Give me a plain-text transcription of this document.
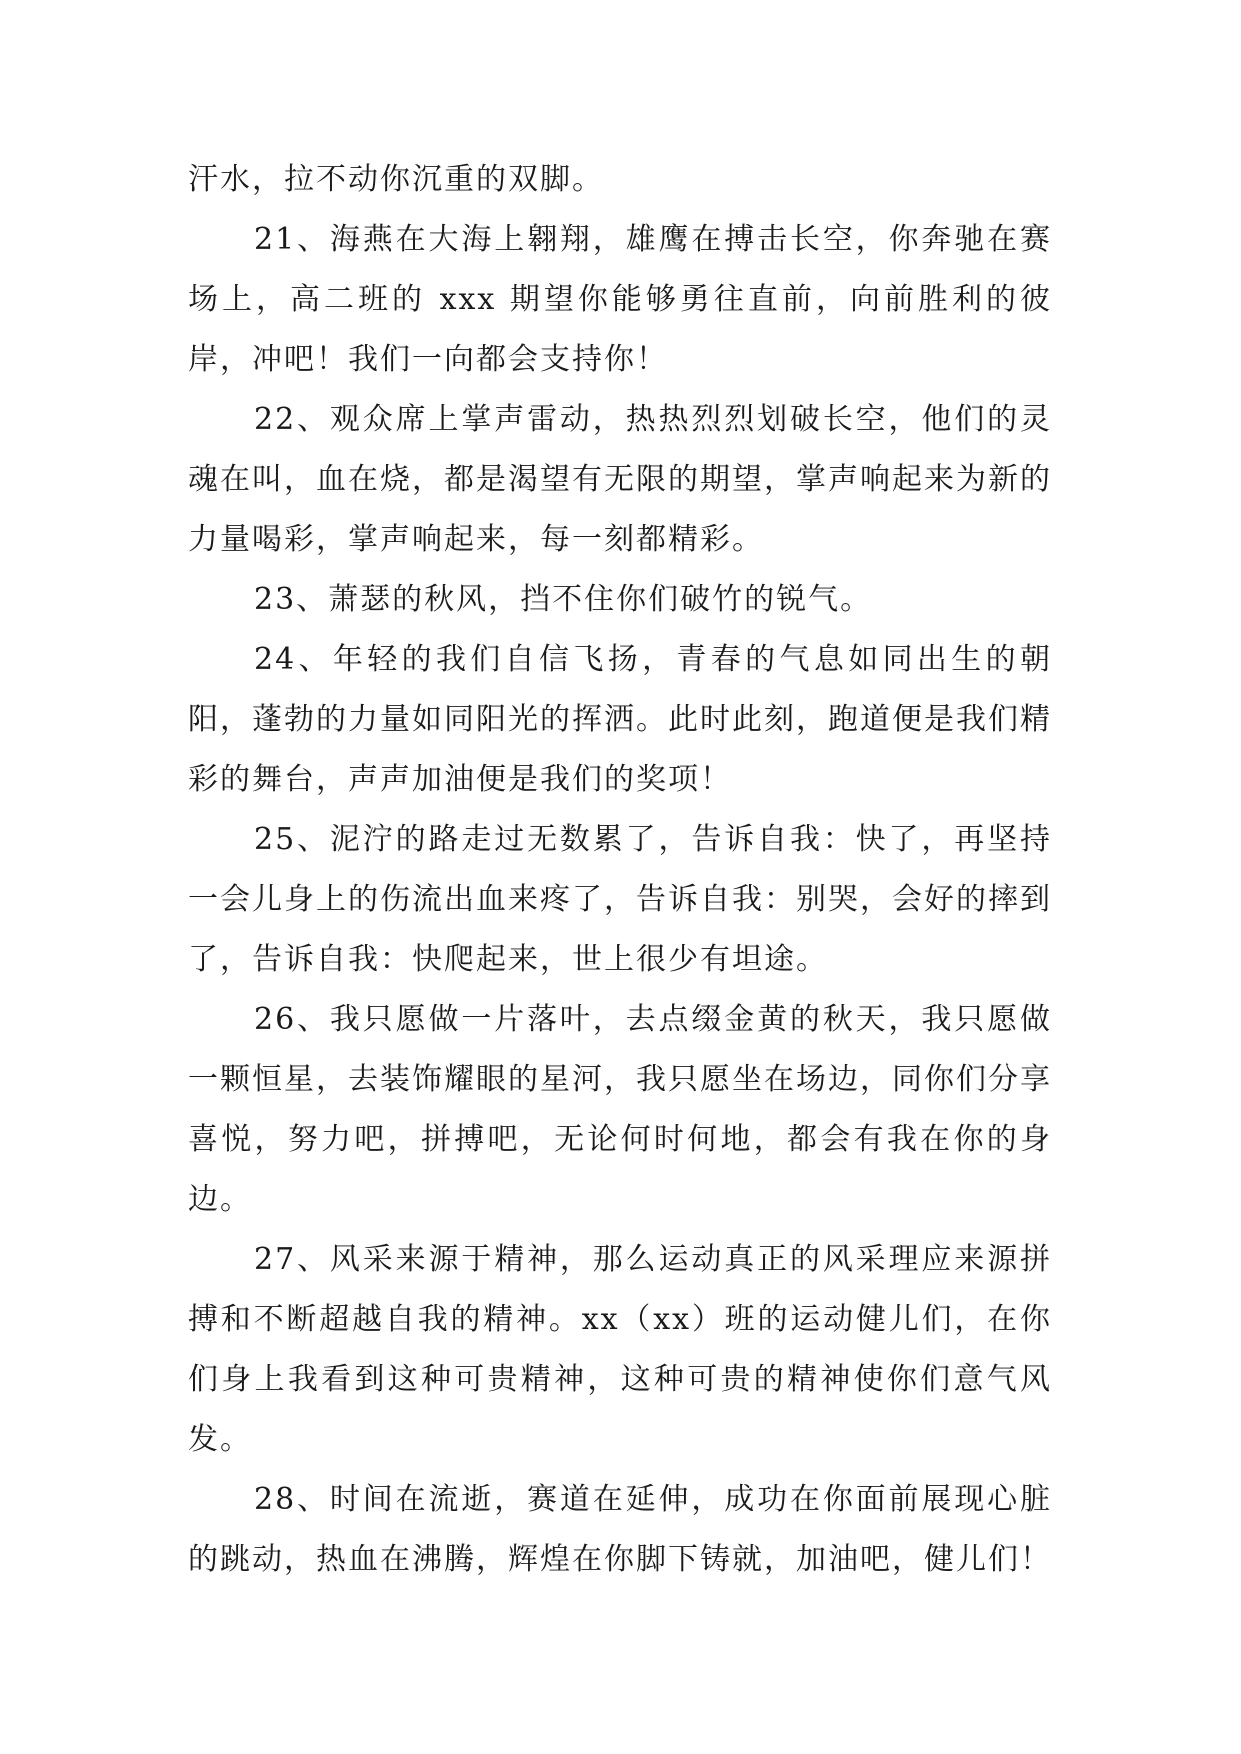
汗水，拉不动你沉重的双脚。

21、海燕在大海上翱翔，雄鹰在搏击长空，你奔驰在赛场上，高二班的 xxx 期望你能够勇往直前，向前胜利的彼岸，冲吧！我们一向都会支持你！

22、观众席上掌声雷动，热热烈烈划破长空，他们的灵魂在叫，血在烧，都是渴望有无限的期望，掌声响起来为新的力量喝彩，掌声响起来，每一刻都精彩。

23、萧瑟的秋风，挡不住你们破竹的锐气。

24、年轻的我们自信飞扬，青春的气息如同出生的朝阳，蓬勃的力量如同阳光的挥洒。此时此刻，跑道便是我们精彩的舞台，声声加油便是我们的奖项！

25、泥泞的路走过无数累了，告诉自我：快了，再坚持一会儿身上的伤流出血来疼了，告诉自我：别哭，会好的摔到了，告诉自我：快爬起来，世上很少有坦途。

26、我只愿做一片落叶，去点缀金黄的秋天，我只愿做一颗恒星，去装饰耀眼的星河，我只愿坐在场边，同你们分享喜悦，努力吧，拼搏吧，无论何时何地，都会有我在你的身边。

27、风采来源于精神，那么运动真正的风采理应来源拼搏和不断超越自我的精神。xx（xx）班的运动健儿们，在你们身上我看到这种可贵精神，这种可贵的精神使你们意气风发。

28、时间在流逝，赛道在延伸，成功在你面前展现心脏的跳动，热血在沸腾，辉煌在你脚下铸就，加油吧，健儿们！
